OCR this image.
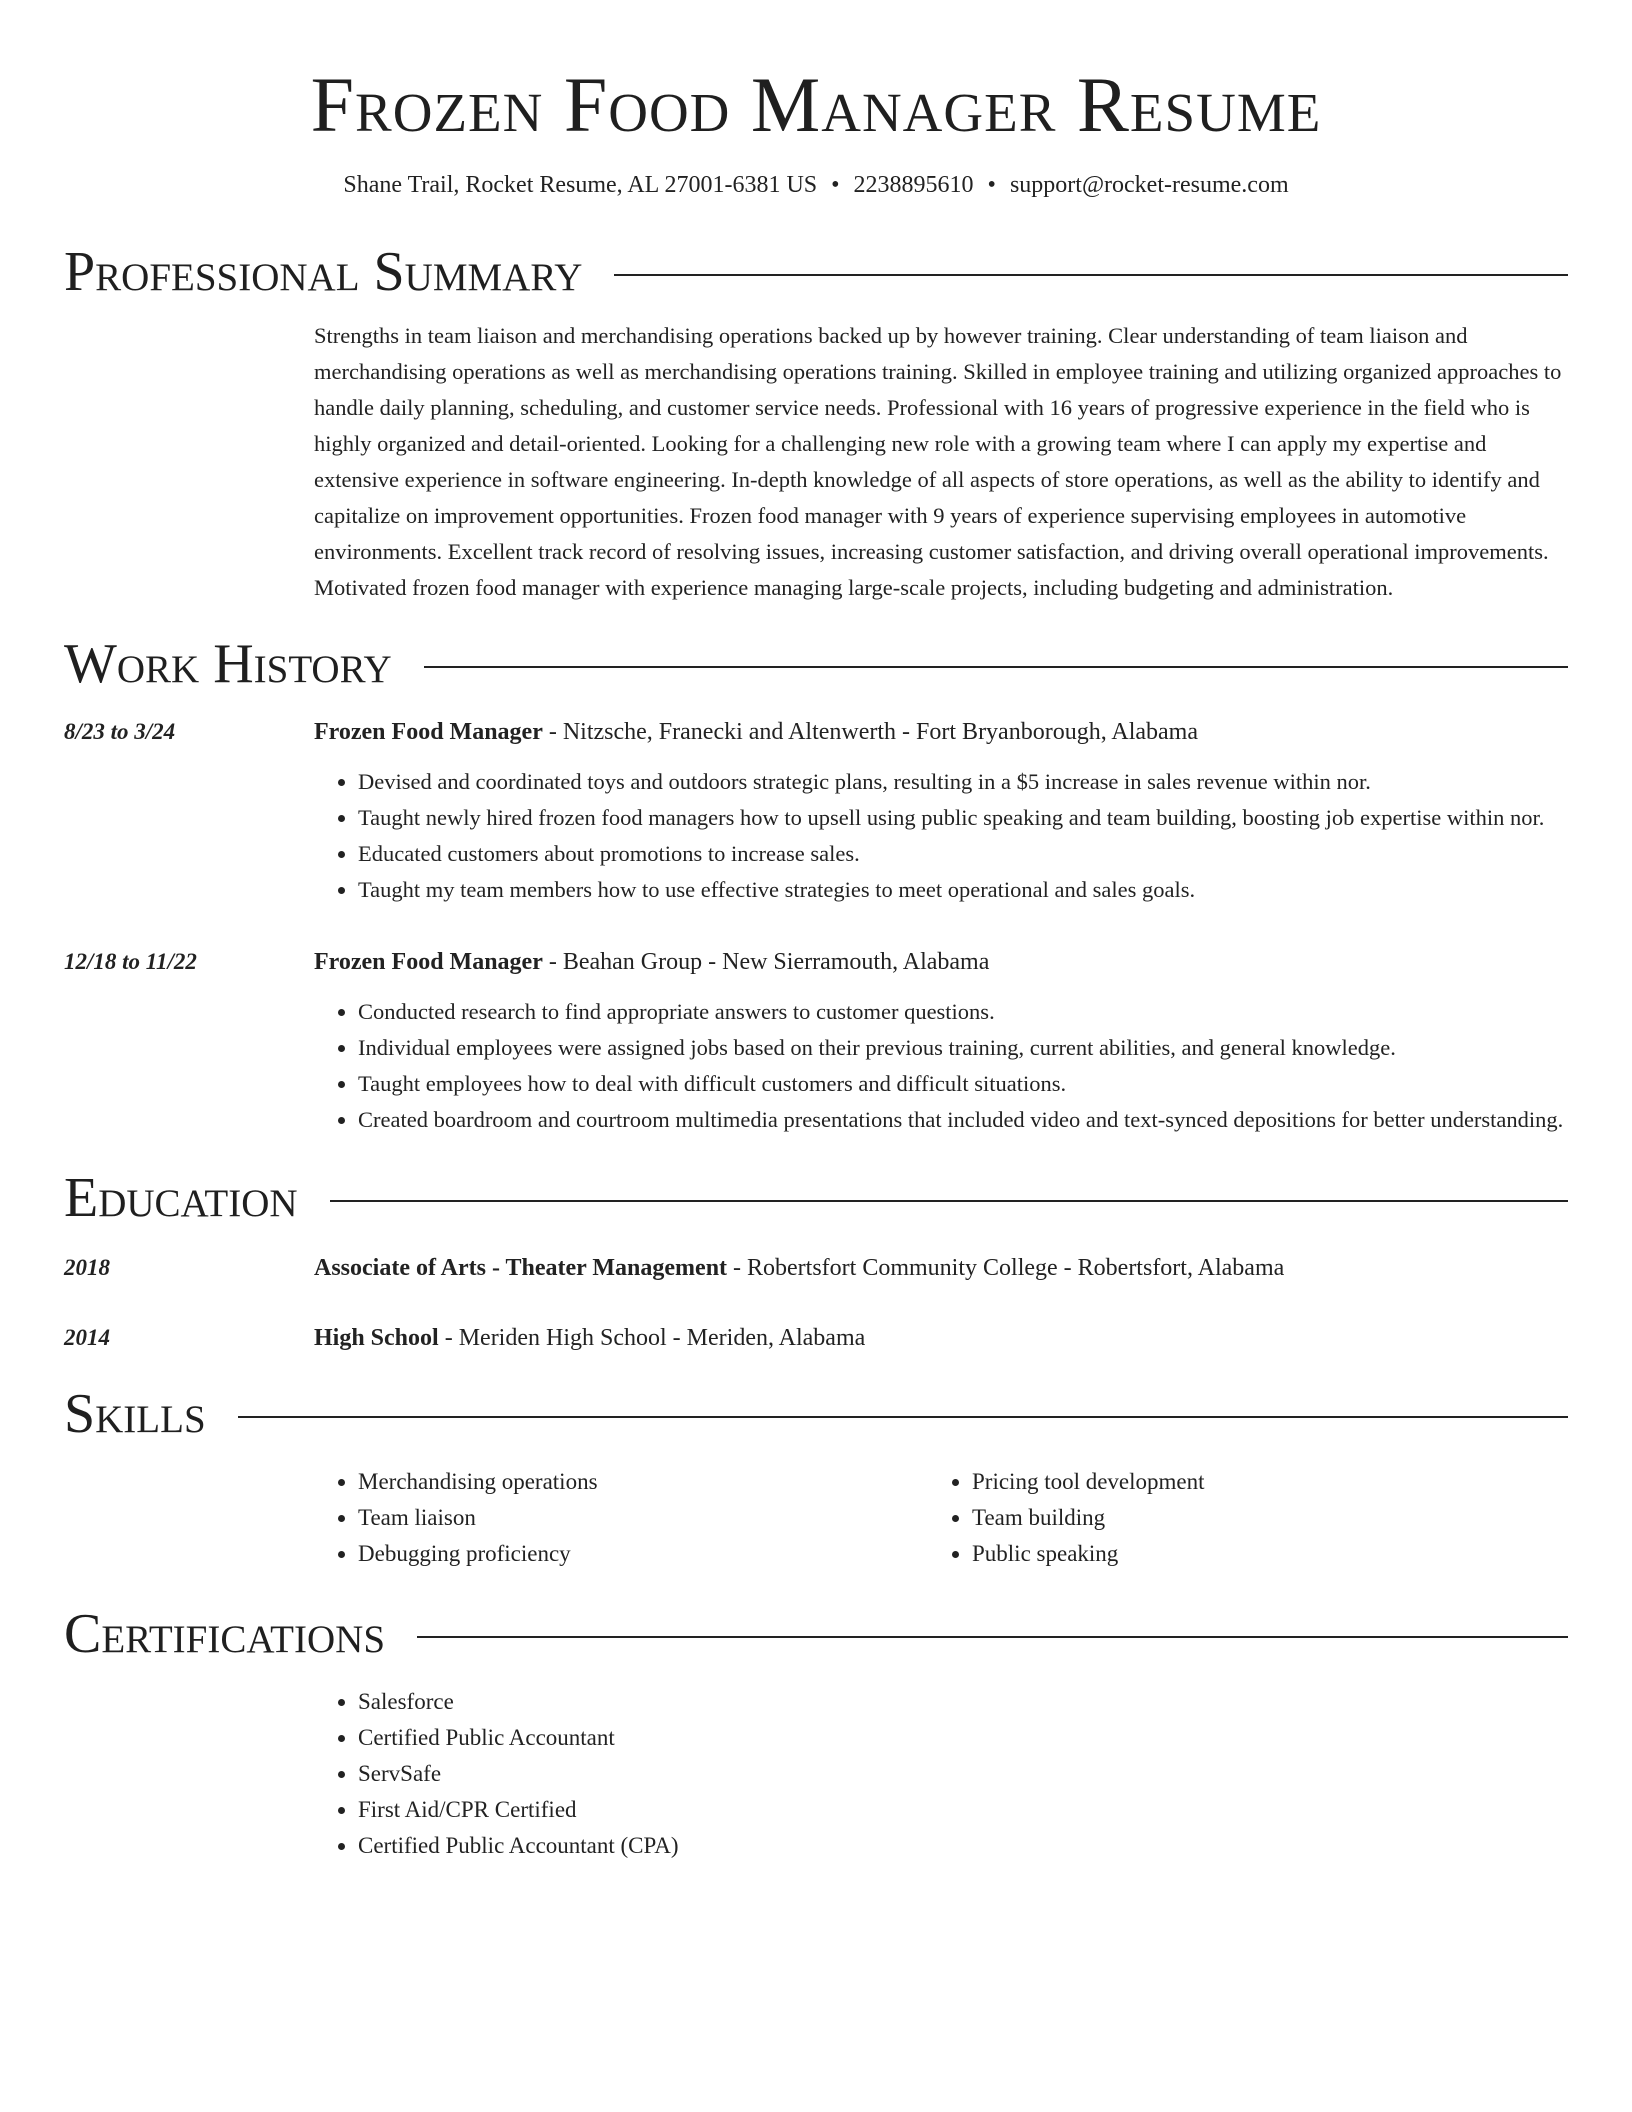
Frozen Food Manager Resume
Shane Trail, Rocket Resume, AL 27001-6381 US • 2238895610 • support@rocket-resume.com
Professional Summary
Strengths in team liaison and merchandising operations backed up by however training. Clear understanding of team liaison and merchandising operations as well as merchandising operations training. Skilled in employee training and utilizing organized approaches to handle daily planning, scheduling, and customer service needs. Professional with 16 years of progressive experience in the field who is highly organized and detail-oriented. Looking for a challenging new role with a growing team where I can apply my expertise and extensive experience in software engineering. In-depth knowledge of all aspects of store operations, as well as the ability to identify and capitalize on improvement opportunities. Frozen food manager with 9 years of experience supervising employees in automotive environments. Excellent track record of resolving issues, increasing customer satisfaction, and driving overall operational improvements. Motivated frozen food manager with experience managing large-scale projects, including budgeting and administration.
Work History
8/23 to 3/24	Frozen Food Manager - Nitzsche, Franecki and Altenwerth - Fort Bryanborough, Alabama
• Devised and coordinated toys and outdoors strategic plans, resulting in a $5 increase in sales revenue within nor.
• Taught newly hired frozen food managers how to upsell using public speaking and team building, boosting job expertise within nor.
• Educated customers about promotions to increase sales.
• Taught my team members how to use effective strategies to meet operational and sales goals.
12/18 to 11/22	Frozen Food Manager - Beahan Group - New Sierramouth, Alabama
• Conducted research to find appropriate answers to customer questions.
• Individual employees were assigned jobs based on their previous training, current abilities, and general knowledge.
• Taught employees how to deal with difficult customers and difficult situations.
• Created boardroom and courtroom multimedia presentations that included video and text-synced depositions for better understanding.
Education
2018	Associate of Arts - Theater Management - Robertsfort Community College - Robertsfort, Alabama
2014	High School - Meriden High School - Meriden, Alabama
Skills
• Merchandising operations
• Team liaison
• Debugging proficiency
• Pricing tool development
• Team building
• Public speaking
Certifications
• Salesforce
• Certified Public Accountant
• ServSafe
• First Aid/CPR Certified
• Certified Public Accountant (CPA)
